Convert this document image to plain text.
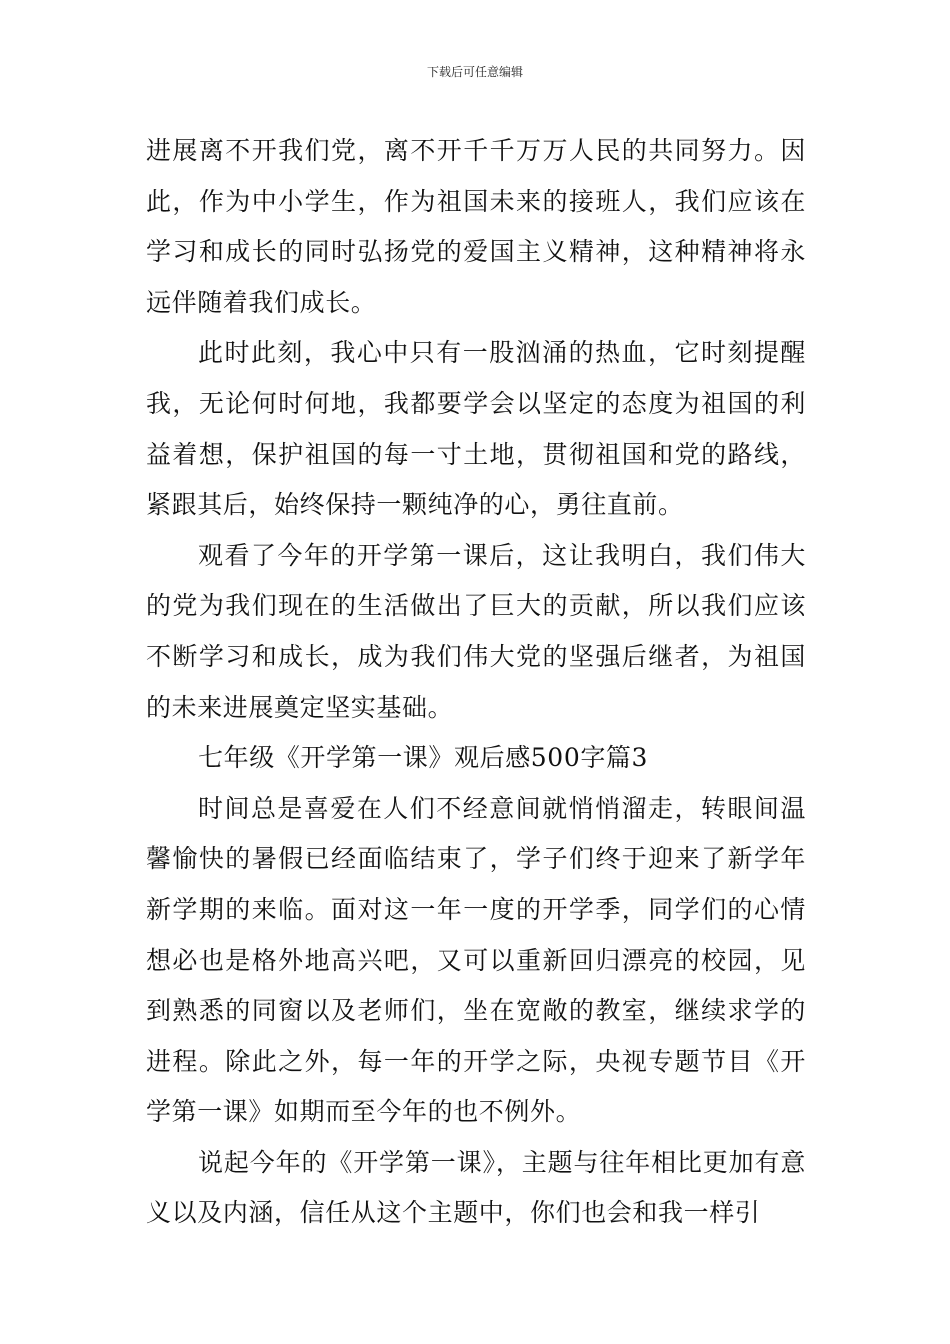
下载后可任意编辑

进展离不开我们党，离不开千千万万人民的共同努力。因此，作为中小学生，作为祖国未来的接班人，我们应该在学习和成长的同时弘扬党的爱国主义精神，这种精神将永远伴随着我们成长。

此时此刻，我心中只有一股汹涌的热血，它时刻提醒我，无论何时何地，我都要学会以坚定的态度为祖国的利益着想，保护祖国的每一寸土地，贯彻祖国和党的路线，紧跟其后，始终保持一颗纯净的心，勇往直前。

观看了今年的开学第一课后，这让我明白，我们伟大的党为我们现在的生活做出了巨大的贡献，所以我们应该不断学习和成长，成为我们伟大党的坚强后继者，为祖国的未来进展奠定坚实基础。

七年级《开学第一课》观后感500字篇3

时间总是喜爱在人们不经意间就悄悄溜走，转眼间温馨愉快的暑假已经面临结束了，学子们终于迎来了新学年新学期的来临。面对这一年一度的开学季，同学们的心情想必也是格外地高兴吧，又可以重新回归漂亮的校园，见到熟悉的同窗以及老师们，坐在宽敞的教室，继续求学的进程。除此之外，每一年的开学之际，央视专题节目《开学第一课》如期而至今年的也不例外。

说起今年的《开学第一课》，主题与往年相比更加有意义以及内涵，信任从这个主题中，你们也会和我一样引
